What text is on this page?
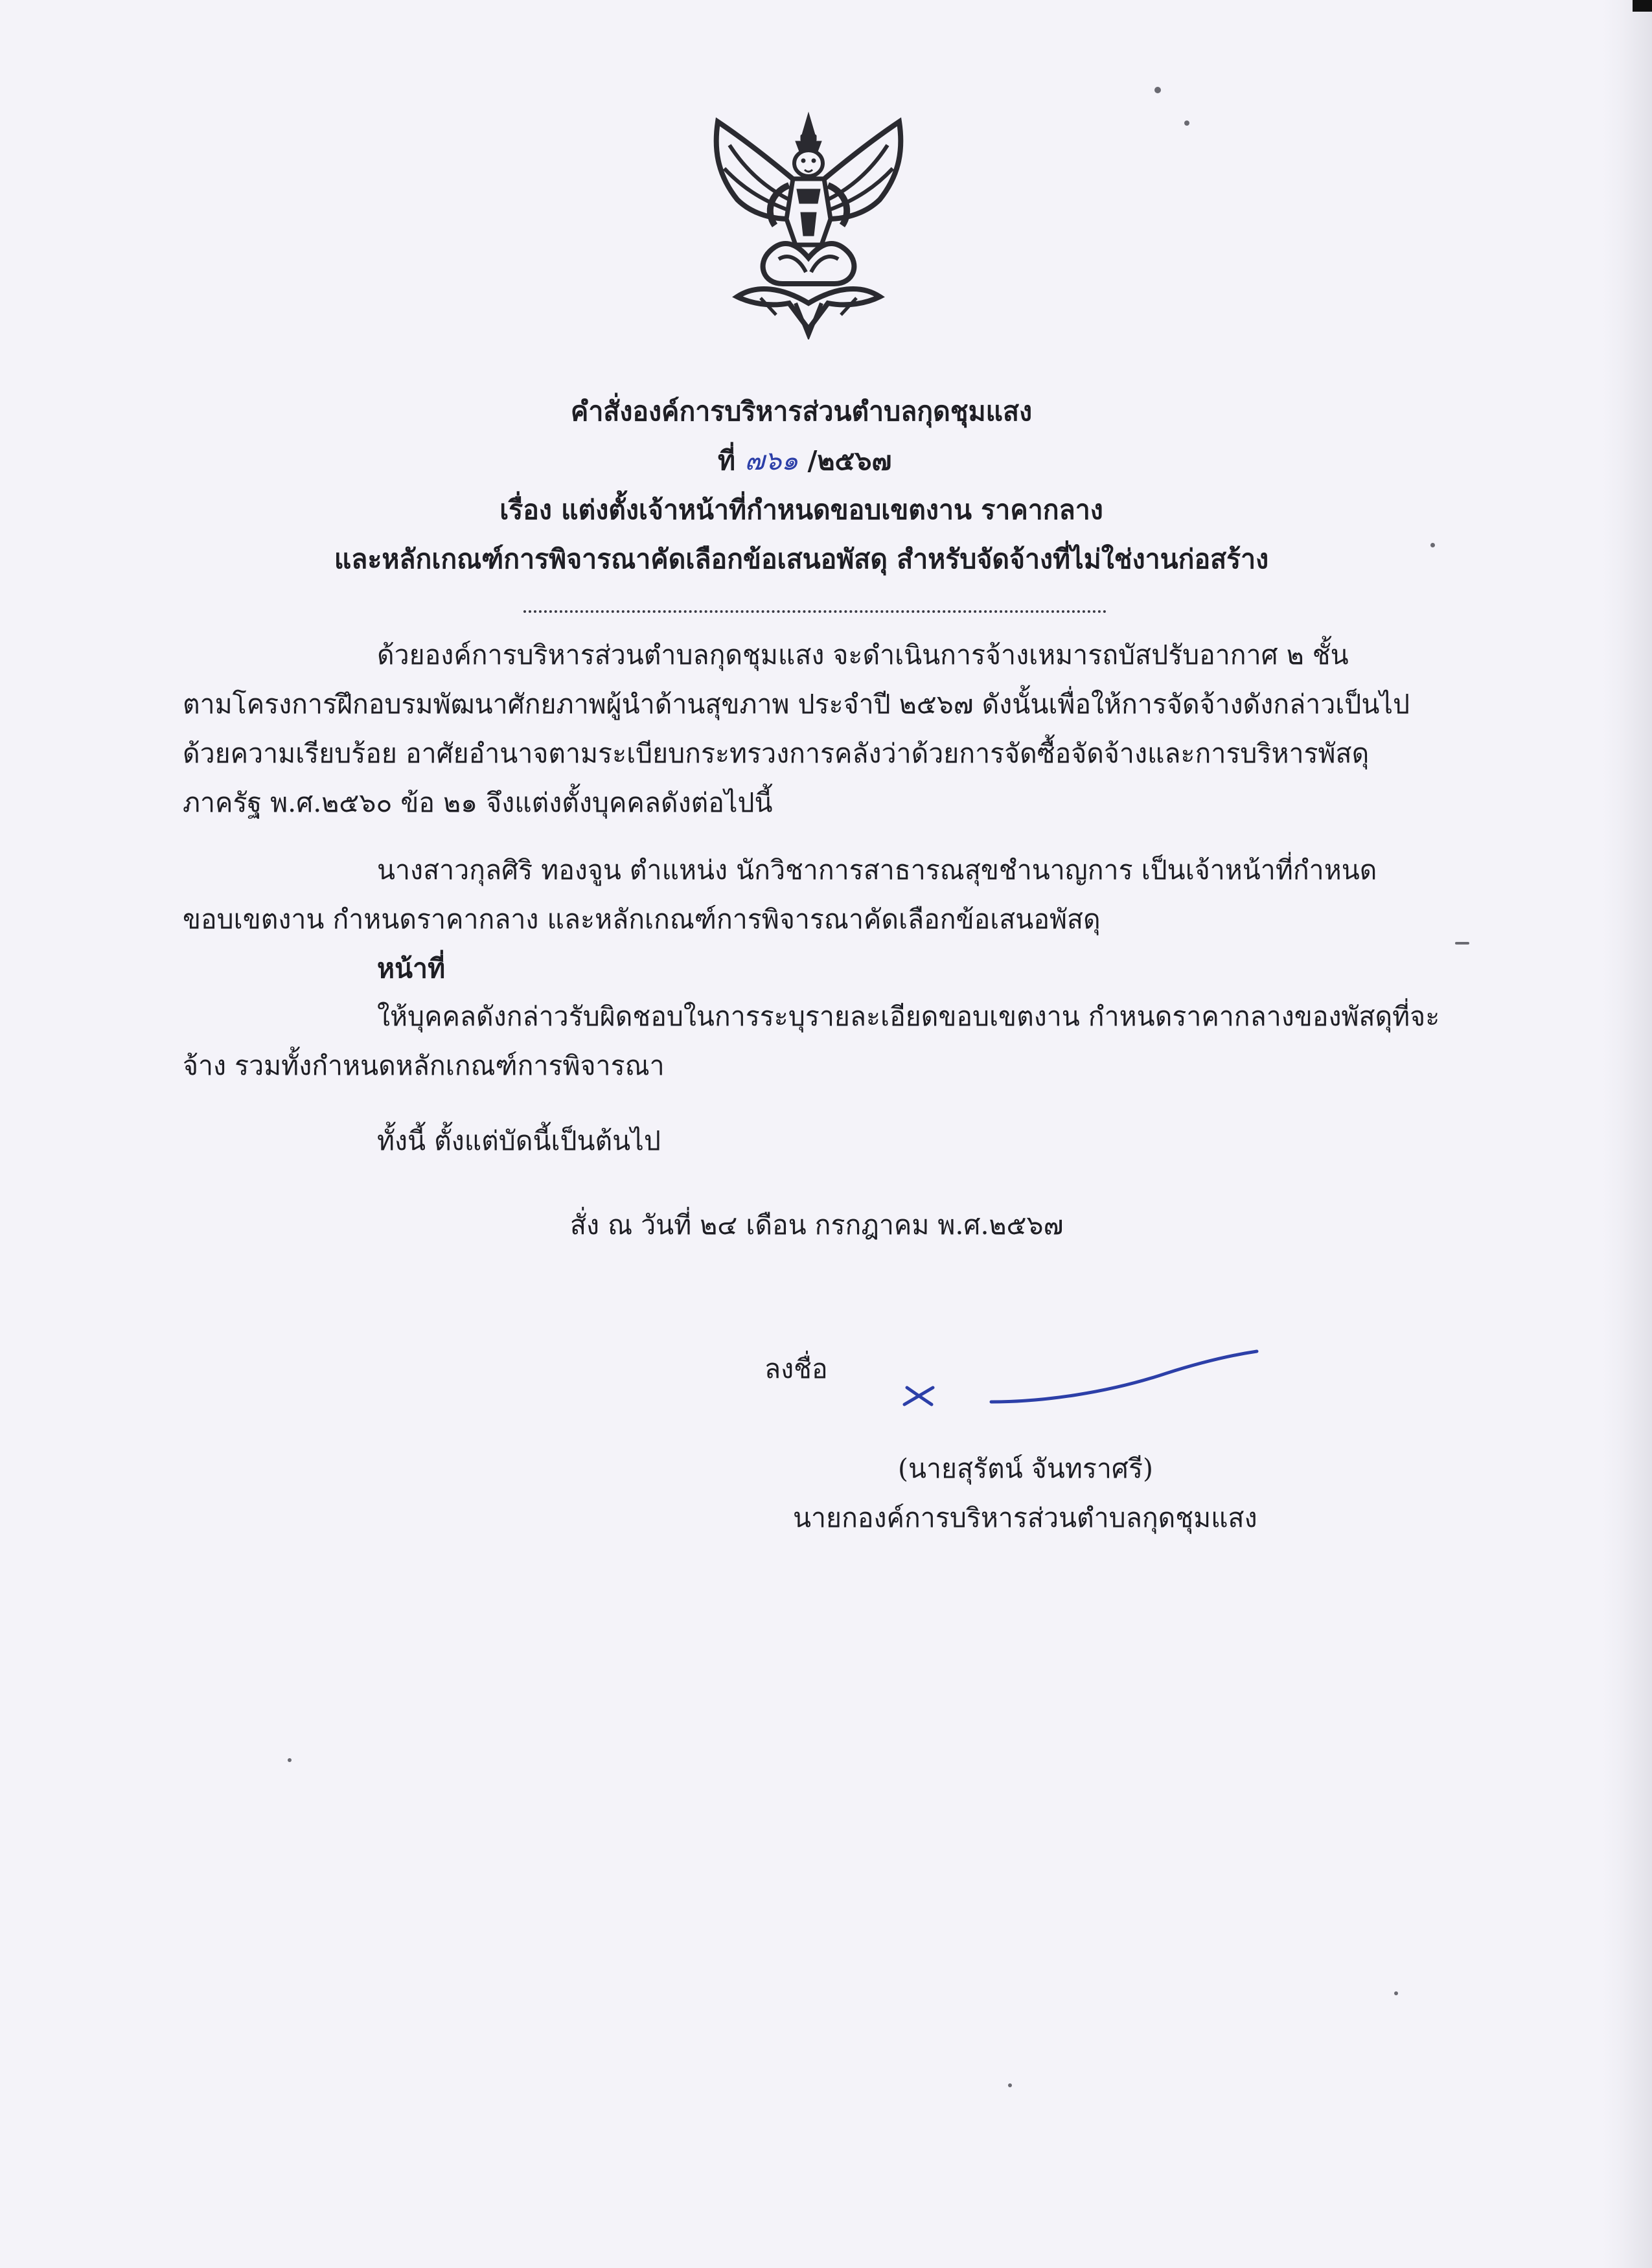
คำสั่งองค์การบริหารส่วนตำบลกุดชุมแสง
ที่ ๗๖๑ /๒๕๖๗
เรื่อง แต่งตั้งเจ้าหน้าที่กำหนดขอบเขตงาน ราคากลาง
และหลักเกณฑ์การพิจารณาคัดเลือกข้อเสนอพัสดุ สำหรับจัดจ้างที่ไม่ใช่งานก่อสร้าง
ด้วยองค์การบริหารส่วนตำบลกุดชุมแสง จะดำเนินการจ้างเหมารถบัสปรับอากาศ ๒ ชั้น
ตามโครงการฝึกอบรมพัฒนาศักยภาพผู้นำด้านสุขภาพ ประจำปี ๒๕๖๗ ดังนั้นเพื่อให้การจัดจ้างดังกล่าวเป็นไป
ด้วยความเรียบร้อย อาศัยอำนาจตามระเบียบกระทรวงการคลังว่าด้วยการจัดซื้อจัดจ้างและการบริหารพัสดุ
ภาครัฐ พ.ศ.๒๕๖๐ ข้อ ๒๑ จึงแต่งตั้งบุคคลดังต่อไปนี้
นางสาวกุลศิริ ทองจูน ตำแหน่ง นักวิชาการสาธารณสุขชำนาญการ เป็นเจ้าหน้าที่กำหนด
ขอบเขตงาน กำหนดราคากลาง และหลักเกณฑ์การพิจารณาคัดเลือกข้อเสนอพัสดุ
หน้าที่
ให้บุคคลดังกล่าวรับผิดชอบในการระบุรายละเอียดขอบเขตงาน กำหนดราคากลางของพัสดุที่จะ
จ้าง รวมทั้งกำหนดหลักเกณฑ์การพิจารณา
ทั้งนี้ ตั้งแต่บัดนี้เป็นต้นไป
สั่ง ณ วันที่ ๒๔ เดือน กรกฎาคม พ.ศ.๒๕๖๗
ลงชื่อ
(นายสุรัตน์ จันทราศรี)
นายกองค์การบริหารส่วนตำบลกุดชุมแสง
